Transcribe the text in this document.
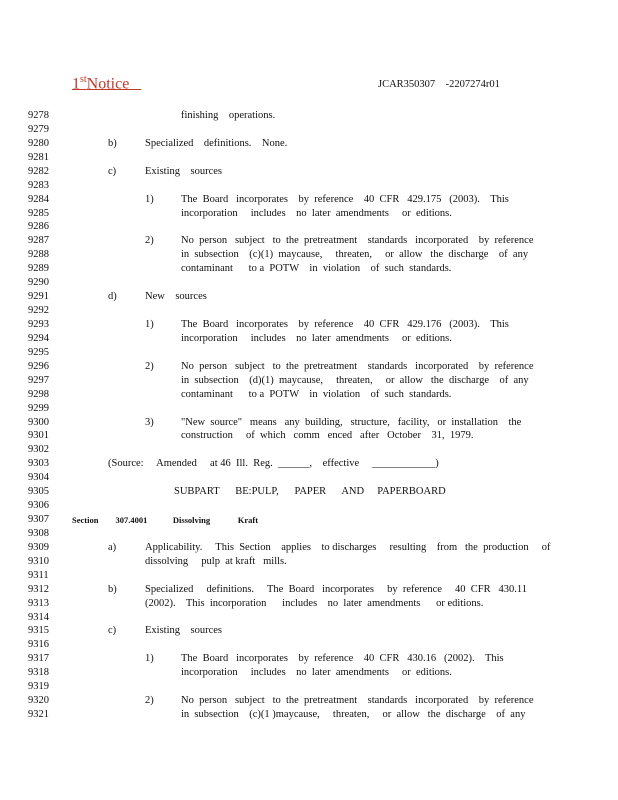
1stNotice	JCAR350307    -2207274r01
9278	finishing    operations.
9279
9280	b)	Specialized    definitions.    None.
9281
9282	c)	Existing    sources
9283
9284	1)	The  Board   incorporates    by  reference    40  CFR   429.175   (2003).    This
9285	incorporation     includes    no  later  amendments     or  editions.
9286
9287	2)	No  person   subject   to  the  pretreatment    standards   incorporated    by  reference
9288	in  subsection    (c)(1)  maycause,     threaten,     or  allow   the  discharge    of  any
9289	contaminant      to a  POTW    in  violation    of  such  standards.
9290
9291	d)	New    sources
9292
9293	1)	The  Board   incorporates    by  reference    40  CFR   429.176   (2003).    This
9294	incorporation     includes    no  later  amendments     or  editions.
9295
9296	2)	No  person   subject   to  the  pretreatment    standards   incorporated    by  reference
9297	in  subsection    (d)(1)  maycause,     threaten,     or  allow   the  discharge    of  any
9298	contaminant      to a  POTW    in  violation    of  such  standards.
9299
9300	3)	"New  source"   means   any  building,   structure,   facility,   or  installation    the
9301	construction     of  which   comm   enced   after   October    31,  1979.
9302
9303	(Source:     Amended     at 46  Ill.  Reg.  ______,    effective     ____________)
9304
9305	SUBPART      BE:PULP,      PAPER      AND     PAPERBOARD
9306
9307	Section        307.4001            Dissolving             Kraft
9308
9309	a)	Applicability.     This  Section    applies    to discharges     resulting    from   the  production     of
9310	dissolving     pulp  at kraft   mills.
9311
9312	b)	Specialized     definitions.     The  Board   incorporates     by  reference     40  CFR   430.11
9313	(2002).    This  incorporation      includes    no  later  amendments      or editions.
9314
9315	c)	Existing    sources
9316
9317	1)	The  Board   incorporates    by  reference    40  CFR   430.16   (2002).    This
9318	incorporation     includes    no  later  amendments     or  editions.
9319
9320	2)	No  person   subject   to  the  pretreatment    standards   incorporated    by  reference
9321	in  subsection    (c)(1 )maycause,     threaten,     or  allow   the  discharge    of  any
